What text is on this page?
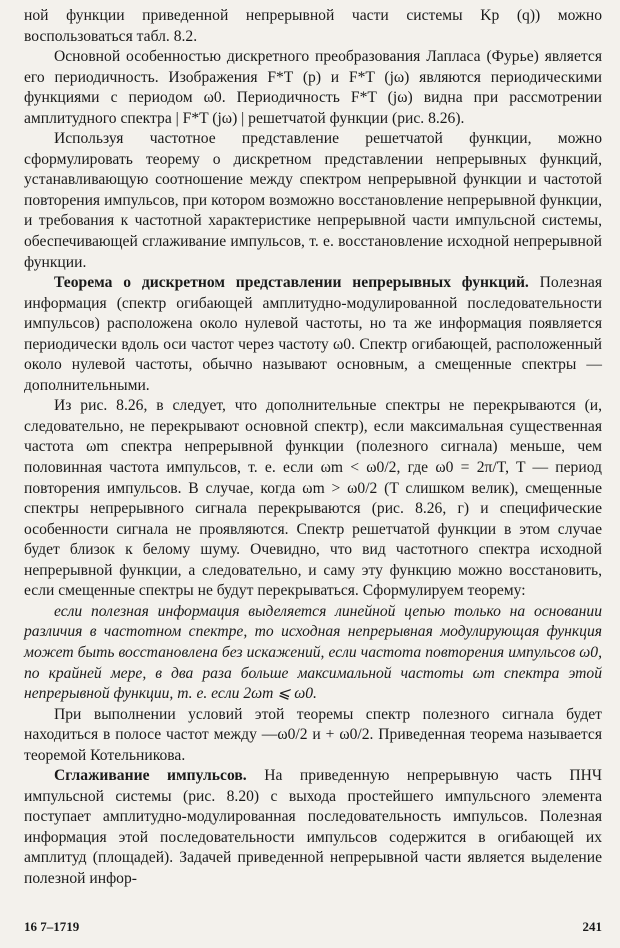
ной функции приведенной непрерывной части системы Kр (q)) можно воспользоваться табл. 8.2.

Основной особенностью дискретного преобразования Лапласа (Фурье) является его периодичность. Изображения F*T (p) и F*T (jω) являются периодическими функциями с периодом ω0. Периодичность F*T (jω) видна при рассмотрении амплитудного спектра | F*T (jω) | решетчатой функции (рис. 8.26).

Используя частотное представление решетчатой функции, можно сформулировать теорему о дискретном представлении непрерывных функций, устанавливающую соотношение между спектром непрерывной функции и частотой повторения импульсов, при котором возможно восстановление непрерывной функции, и требования к частотной характеристике непрерывной части импульсной системы, обеспечивающей сглаживание импульсов, т. е. восстановление исходной непрерывной функции.

Теорема о дискретном представлении непрерывных функций. Полезная информация (спектр огибающей амплитудно-модулированной последовательности импульсов) расположена около нулевой частоты, но та же информация появляется периодически вдоль оси частот через частоту ω0. Спектр огибающей, расположенный около нулевой частоты, обычно называют основным, а смещенные спектры — дополнительными.

Из рис. 8.26, в следует, что дополнительные спектры не перекрываются (и, следовательно, не перекрывают основной спектр), если максимальная существенная частота ωm спектра непрерывной функции (полезного сигнала) меньше, чем половинная частота импульсов, т. е. если ωm < ω0/2, где ω0 = 2π/T, T — период повторения импульсов. В случае, когда ωm > ω0/2 (T слишком велик), смещенные спектры непрерывного сигнала перекрываются (рис. 8.26, г) и специфические особенности сигнала не проявляются. Спектр решетчатой функции в этом случае будет близок к белому шуму. Очевидно, что вид частотного спектра исходной непрерывной функции, а следовательно, и саму эту функцию можно восстановить, если смещенные спектры не будут перекрываться. Сформулируем теорему:

если полезная информация выделяется линейной цепью только на основании различия в частотном спектре, то исходная непрерывная модулирующая функция может быть восстановлена без искажений, если частота повторения импульсов ω0, по крайней мере, в два раза больше максимальной частоты ωm спектра этой непрерывной функции, т. е. если 2ωm ⩽ ω0.

При выполнении условий этой теоремы спектр полезного сигнала будет находиться в полосе частот между —ω0/2 и + ω0/2. Приведенная теорема называется теоремой Котельникова.

Сглаживание импульсов. На приведенную непрерывную часть ПНЧ импульсной системы (рис. 8.20) с выхода простейшего импульсного элемента поступает амплитудно-модулированная последовательность импульсов. Полезная информация этой последовательности импульсов содержится в огибающей их амплитуд (площадей). Задачей приведенной непрерывной части является выделение полезной инфор-

16 7–1719	241
